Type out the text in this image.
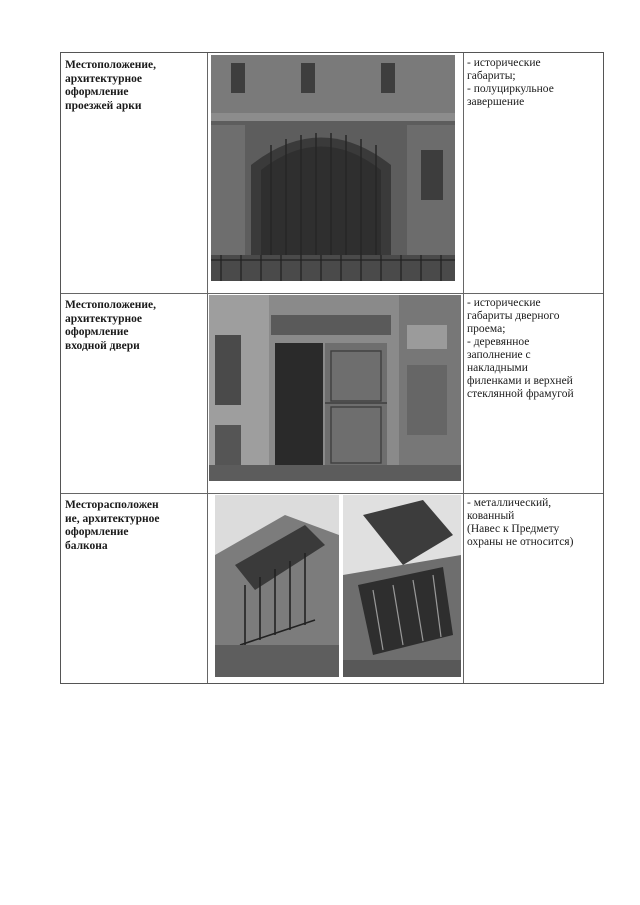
Местоположение,
архитектурное
оформление
проезжей арки
- исторические
габариты;
- полуциркульное
завершение
Местоположение,
архитектурное
оформление
входной двери
- исторические
габариты дверного
проема;
- деревянное
заполнение с
накладными
филенками и верхней
стеклянной фрамугой
Месторасположен
ие, архитектурное
оформление
балкона
- металлический,
кованный
(Навес к Предмету
охраны не относится)
